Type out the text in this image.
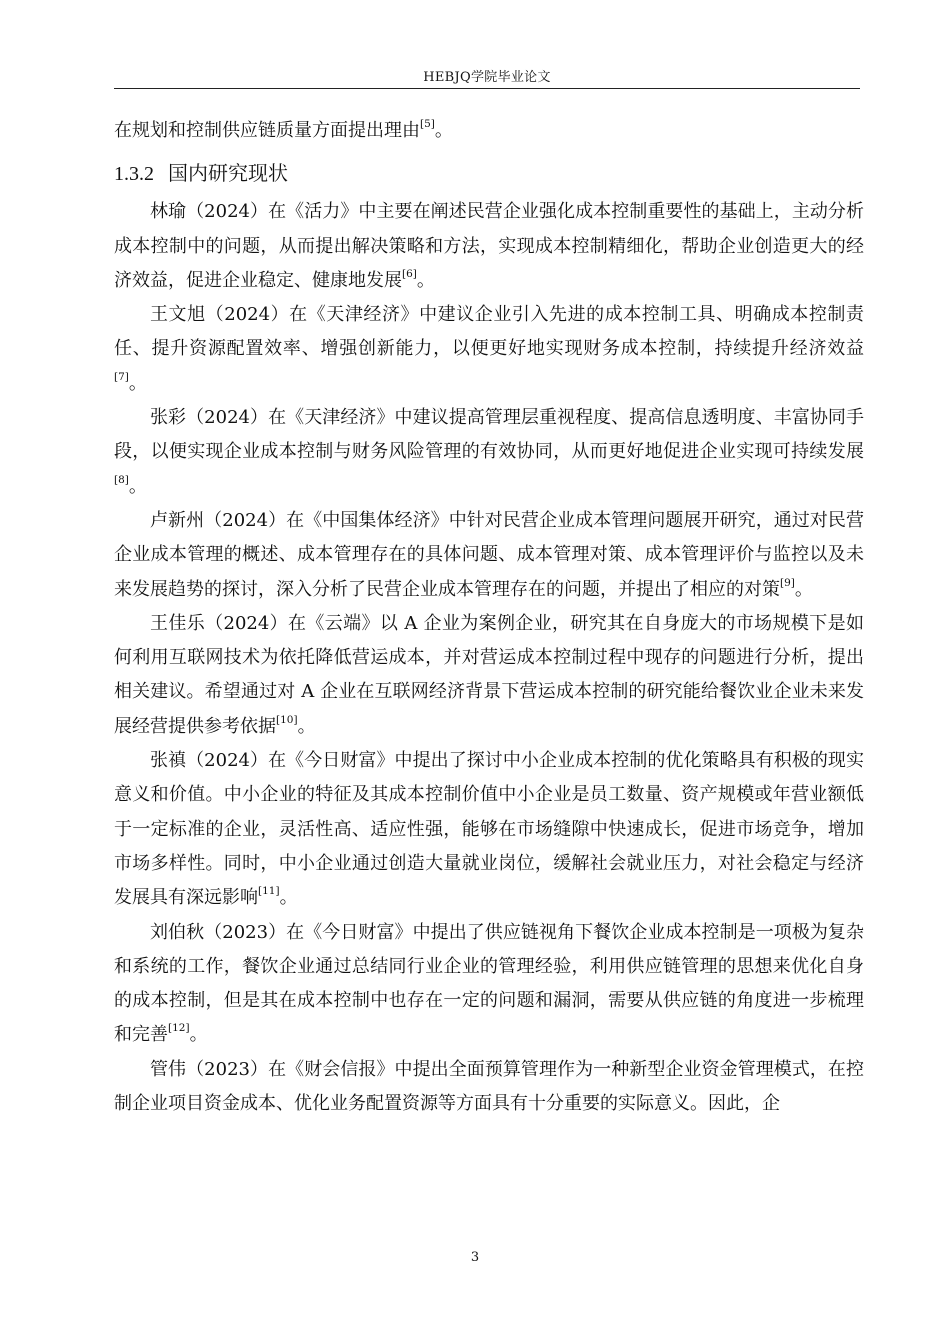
HEBJQ学院毕业论文

在规划和控制供应链质量方面提出理由[5]。

1.3.2 国内研究现状

林瑜（2024）在《活力》中主要在阐述民营企业强化成本控制重要性的基础上，主动分析成本控制中的问题，从而提出解决策略和方法，实现成本控制精细化，帮助企业创造更大的经济效益，促进企业稳定、健康地发展[6]。

王文旭（2024）在《天津经济》中建议企业引入先进的成本控制工具、明确成本控制责任、提升资源配置效率、增强创新能力，以便更好地实现财务成本控制，持续提升经济效益[7]。

张彩（2024）在《天津经济》中建议提高管理层重视程度、提高信息透明度、丰富协同手段，以便实现企业成本控制与财务风险管理的有效协同，从而更好地促进企业实现可持续发展[8]。

卢新州（2024）在《中国集体经济》中针对民营企业成本管理问题展开研究，通过对民营企业成本管理的概述、成本管理存在的具体问题、成本管理对策、成本管理评价与监控以及未来发展趋势的探讨，深入分析了民营企业成本管理存在的问题，并提出了相应的对策[9]。

王佳乐（2024）在《云端》以 A 企业为案例企业，研究其在自身庞大的市场规模下是如何利用互联网技术为依托降低营运成本，并对营运成本控制过程中现存的问题进行分析，提出相关建议。希望通过对 A 企业在互联网经济背景下营运成本控制的研究能给餐饮业企业未来发展经营提供参考依据[10]。

张禛（2024）在《今日财富》中提出了探讨中小企业成本控制的优化策略具有积极的现实意义和价值。中小企业的特征及其成本控制价值中小企业是员工数量、资产规模或年营业额低于一定标准的企业，灵活性高、适应性强，能够在市场缝隙中快速成长，促进市场竞争，增加市场多样性。同时，中小企业通过创造大量就业岗位，缓解社会就业压力，对社会稳定与经济发展具有深远影响[11]。

刘伯秋（2023）在《今日财富》中提出了供应链视角下餐饮企业成本控制是一项极为复杂和系统的工作，餐饮企业通过总结同行业企业的管理经验，利用供应链管理的思想来优化自身的成本控制，但是其在成本控制中也存在一定的问题和漏洞，需要从供应链的角度进一步梳理和完善[12]。

管伟（2023）在《财会信报》中提出全面预算管理作为一种新型企业资金管理模式，在控制企业项目资金成本、优化业务配置资源等方面具有十分重要的实际意义。因此，企

3
